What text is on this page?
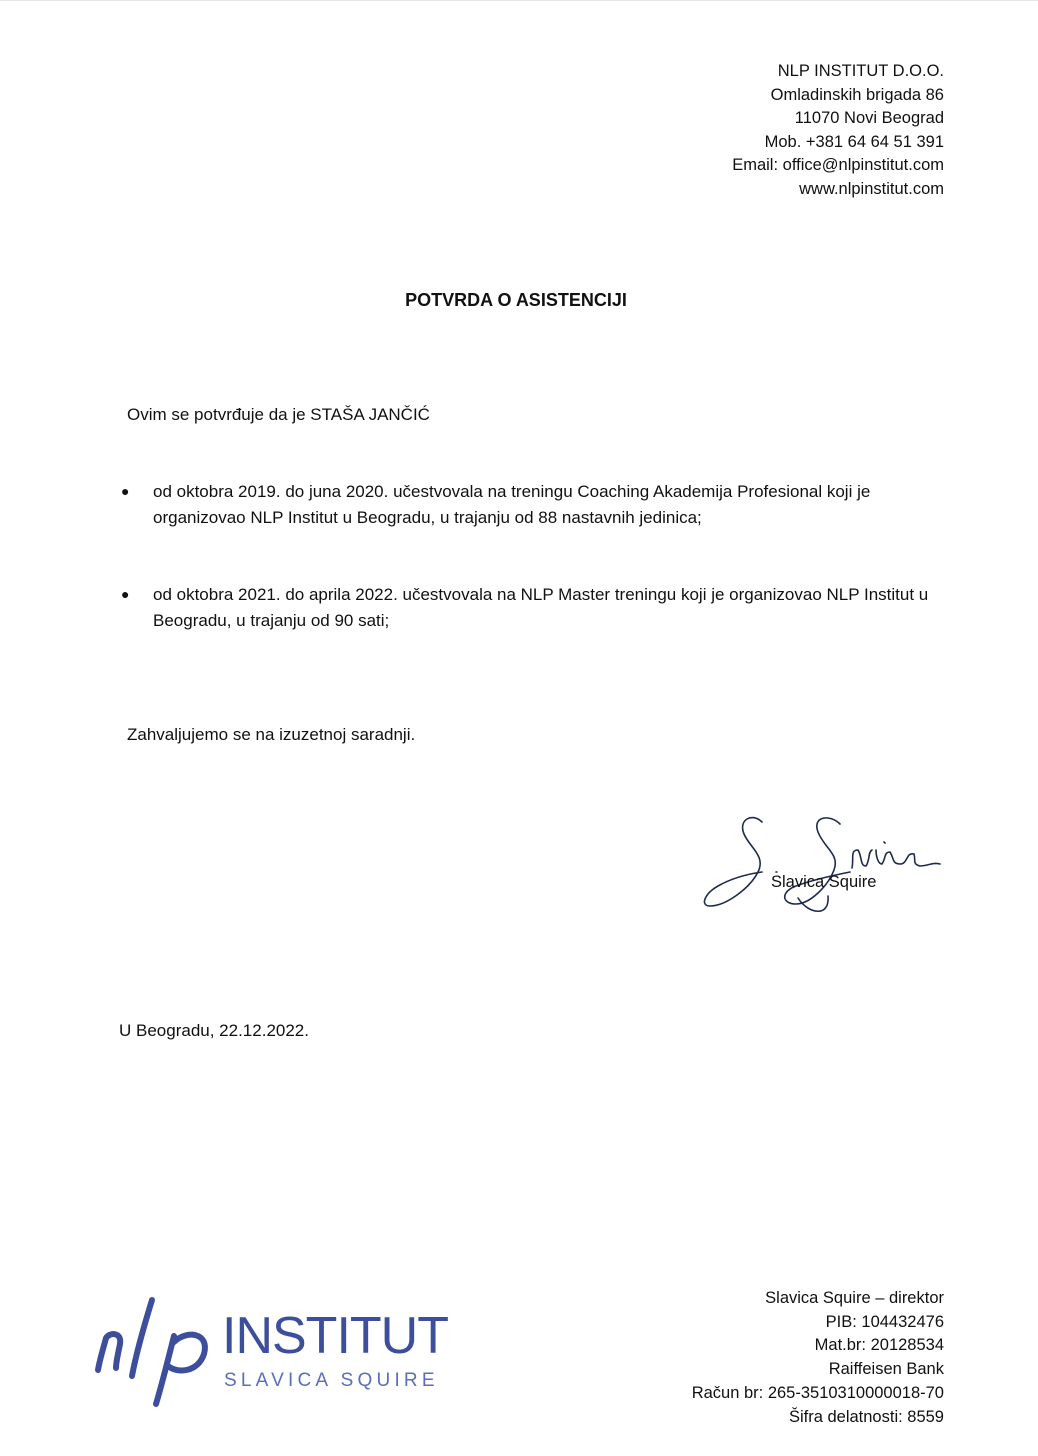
NLP INSTITUT D.O.O.
Omladinskih brigada 86
11070 Novi Beograd
Mob. +381 64 64 51 391
Email: office@nlpinstitut.com
www.nlpinstitut.com
POTVRDA O ASISTENCIJI
Ovim se potvrđuje da je STAŠA JANČIĆ
● od oktobra 2019. do juna 2020. učestvovala na treningu Coaching Akademija Profesional koji je organizovao NLP Institut u Beogradu, u trajanju od 88 nastavnih jedinica;
● od oktobra 2021. do aprila 2022. učestvovala na NLP Master treningu koji je organizovao NLP Institut u Beogradu, u trajanju od 90 sati;
Zahvaljujemo se na izuzetnoj saradnji.
Slavica Squire
U Beogradu, 22.12.2022.
INSTITUT
SLAVICA SQUIRE
Slavica Squire – direktor
PIB: 104432476
Mat.br: 20128534
Raiffeisen Bank
Račun br: 265-3510310000018-70
Šifra delatnosti: 8559
